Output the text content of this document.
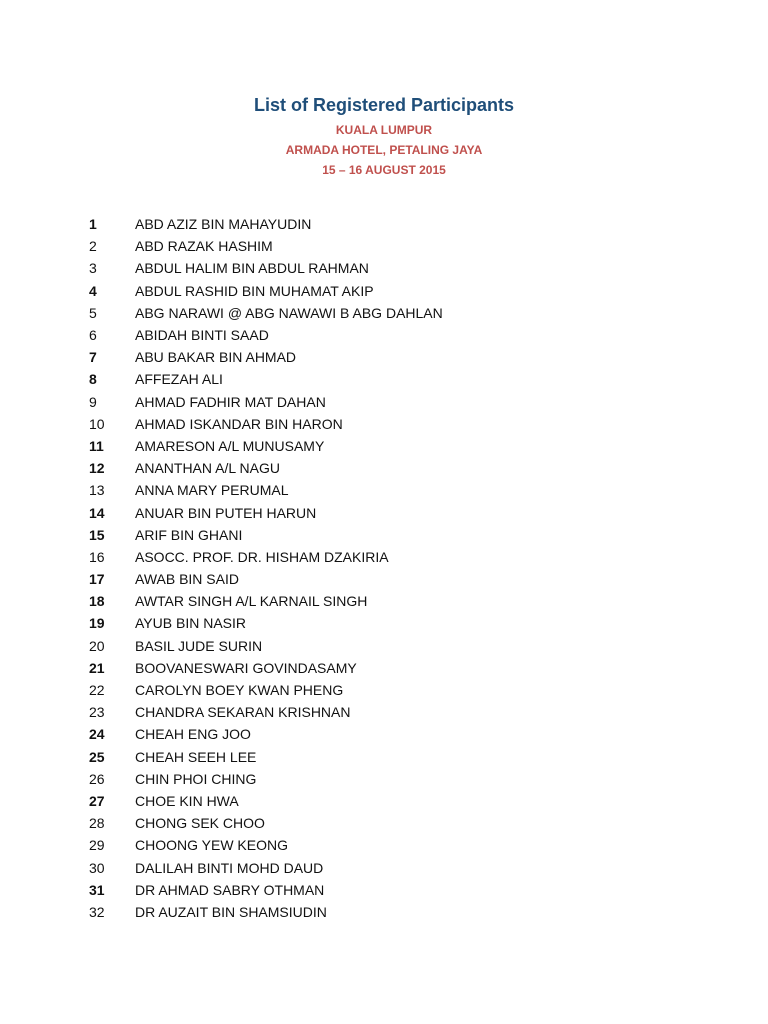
List of Registered Participants
KUALA LUMPUR
ARMADA HOTEL, PETALING JAYA
15 – 16 AUGUST 2015
1	ABD AZIZ BIN MAHAYUDIN
2	ABD RAZAK HASHIM
3	ABDUL HALIM BIN ABDUL RAHMAN
4	ABDUL RASHID BIN MUHAMAT AKIP
5	ABG NARAWI @ ABG NAWAWI B ABG DAHLAN
6	ABIDAH BINTI SAAD
7	ABU BAKAR BIN AHMAD
8	AFFEZAH ALI
9	AHMAD FADHIR MAT DAHAN
10	AHMAD ISKANDAR BIN HARON
11	AMARESON A/L MUNUSAMY
12	ANANTHAN A/L NAGU
13	ANNA MARY PERUMAL
14	ANUAR BIN PUTEH HARUN
15	ARIF BIN GHANI
16	ASOCC. PROF. DR. HISHAM DZAKIRIA
17	AWAB BIN SAID
18	AWTAR SINGH A/L KARNAIL SINGH
19	AYUB BIN NASIR
20	BASIL JUDE SURIN
21	BOOVANESWARI GOVINDASAMY
22	CAROLYN BOEY KWAN PHENG
23	CHANDRA SEKARAN KRISHNAN
24	CHEAH ENG JOO
25	CHEAH SEEH LEE
26	CHIN PHOI CHING
27	CHOE KIN HWA
28	CHONG SEK CHOO
29	CHOONG YEW KEONG
30	DALILAH BINTI MOHD DAUD
31	DR AHMAD SABRY OTHMAN
32	DR AUZAIT BIN SHAMSIUDIN
